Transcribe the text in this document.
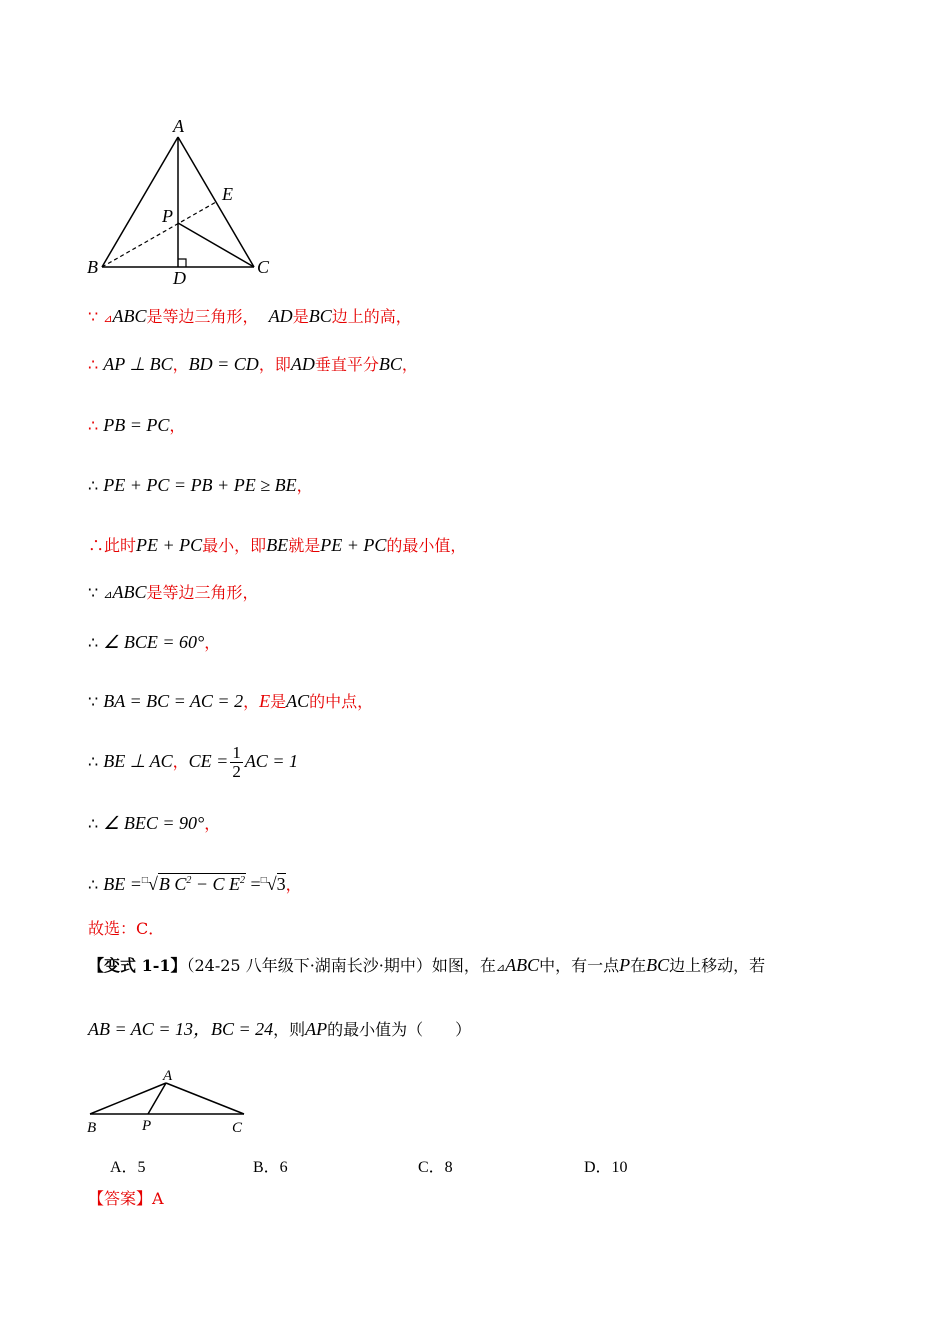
A
B	C
D
E
P
∵ ⊿ABC是等边三角形， AD是BC边上的高，
∴ AP ⊥ BC，BD = CD，即AD垂直平分BC，
∴ PB = PC，
∴ PE + PC = PB + PE ≥ BE，
∴此时PE + PC最小，即BE就是PE + PC的最小值，
∵ ⊿ABC是等边三角形，
∴ ∠ BCE = 60°，
∵ BA = BC = AC = 2，E是AC的中点，
∴ BE ⊥ AC，CE = $\frac{1}{2}$ AC = 1
∴ ∠ BEC = 90°，
∴ BE =□√B $C^2 - C$ $E^2 =^□√3$，
故选：C．
【变式 1-1】（24-25 八年级下·湖南长沙·期中）如图，在⊿ABC中，有一点P在BC边上移动，若
AB = AC = 13，BC = 24，则AP的最小值为（　　）
A
B	P	C
A．5	B．6	C．8	D．10
【答案】A
